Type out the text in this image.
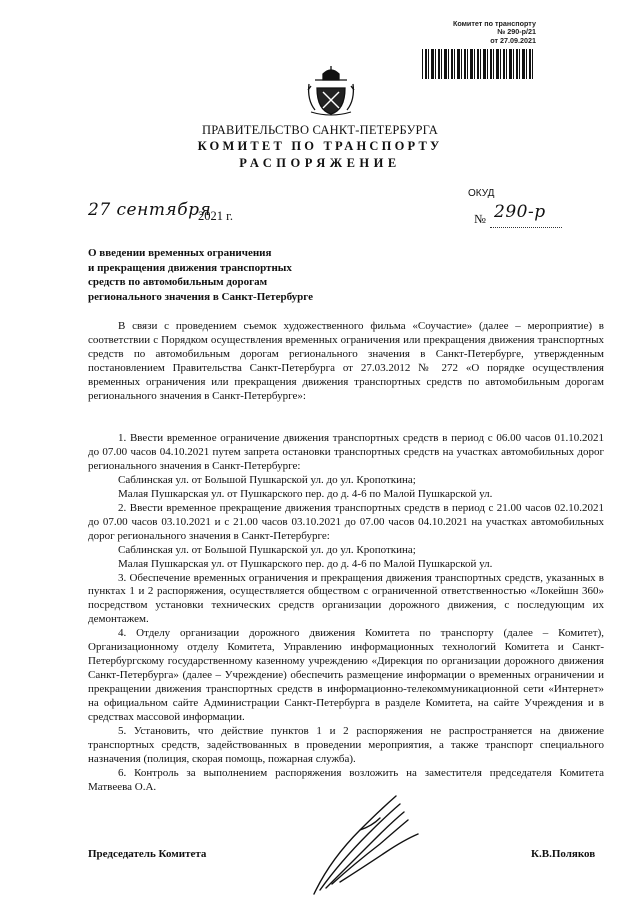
Комитет по транспорту
№ 290-р/21
от 27.09.2021
ПРАВИТЕЛЬСТВО САНКТ-ПЕТЕРБУРГА
КОМИТЕТ ПО ТРАНСПОРТУ
РАСПОРЯЖЕНИЕ
ОКУД
27 сентября
2021 г.	№ 290-р
О введении временных ограничения
и прекращения движения транспортных
средств по автомобильным дорогам
регионального значения в Санкт-Петербурге
В связи с проведением съемок художественного фильма «Соучастие» (далее – мероприятие) в соответствии с Порядком осуществления временных ограничения или прекращения движения транспортных средств по автомобильным дорогам регионального значения в Санкт-Петербурге, утвержденным постановлением Правительства Санкт-Петербурга от 27.03.2012 № 272 «О порядке осуществления временных ограничения или прекращения движения транспортных средств по автомобильным дорогам регионального значения в Санкт-Петербурге»:
1. Ввести временное ограничение движения транспортных средств в период с 06.00 часов 01.10.2021 до 07.00 часов 04.10.2021 путем запрета остановки транспортных средств на участках автомобильных дорог регионального значения в Санкт-Петербурге:
Саблинская ул. от Большой Пушкарской ул. до ул. Кропоткина;
Малая Пушкарская ул. от Пушкарского пер. до д. 4-6 по Малой Пушкарской ул.
2. Ввести временное прекращение движения транспортных средств в период с 21.00 часов 02.10.2021 до 07.00 часов 03.10.2021 и с 21.00 часов 03.10.2021 до 07.00 часов 04.10.2021 на участках автомобильных дорог регионального значения в Санкт-Петербурге:
Саблинская ул. от Большой Пушкарской ул. до ул. Кропоткина;
Малая Пушкарская ул. от Пушкарского пер. до д. 4-6 по Малой Пушкарской ул.
3. Обеспечение временных ограничения и прекращения движения транспортных средств, указанных в пунктах 1 и 2 распоряжения, осуществляется обществом с ограниченной ответственностью «Локейшн 360» посредством установки технических средств организации дорожного движения, с последующим их демонтажем.
4. Отделу организации дорожного движения Комитета по транспорту (далее – Комитет), Организационному отделу Комитета, Управлению информационных технологий Комитета и Санкт-Петербургскому государственному казенному учреждению «Дирекция по организации дорожного движения Санкт-Петербурга» (далее – Учреждение) обеспечить размещение информации о временных ограничении и прекращении движения транспортных средств в информационно-телекоммуникационной сети «Интернет» на официальном сайте Администрации Санкт-Петербурга в разделе Комитета, на сайте Учреждения и в средствах массовой информации.
5. Установить, что действие пунктов 1 и 2 распоряжения не распространяется на движение транспортных средств, задействованных в проведении мероприятия, а также транспорт специального назначения (полиция, скорая помощь, пожарная служба).
6. Контроль за выполнением распоряжения возложить на заместителя председателя Комитета Матвеева О.А.
Председатель Комитета	К.В.Поляков
